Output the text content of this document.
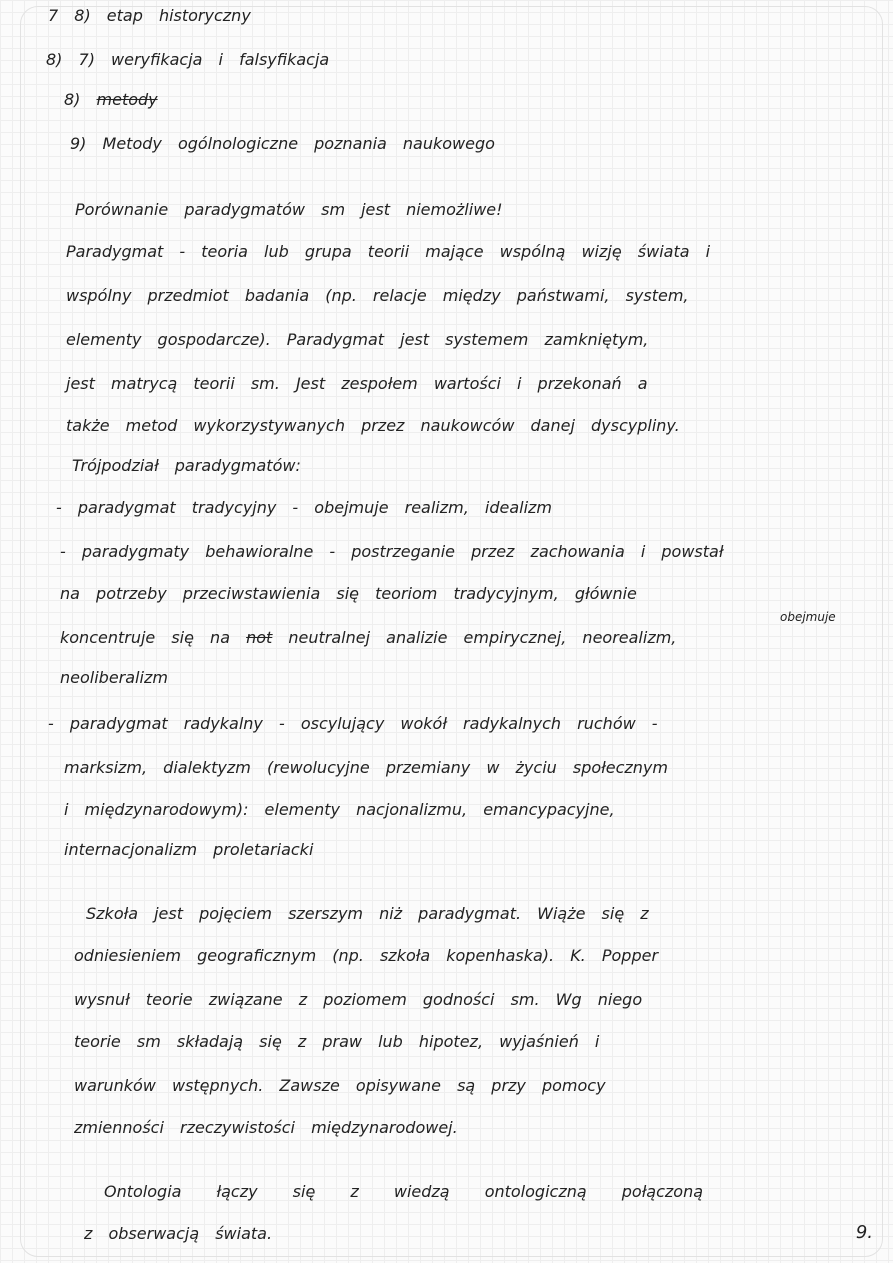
7 8) etap historyczny
8) 7) weryfikacja i falsyfikacja
8) metody
9) Metody ogólnologiczne poznania naukowego
Porównanie paradygmatów sm jest niemożliwe!
Paradygmat - teoria lub grupa teorii mające wspólną wizję świata i
wspólny przedmiot badania (np. relacje między państwami, system,
elementy gospodarcze). Paradygmat jest systemem zamkniętym,
jest matrycą teorii sm. Jest zespołem wartości i przekonań a
także metod wykorzystywanych przez naukowców danej dyscypliny.
Trójpodział paradygmatów:
- paradygmat tradycyjny - obejmuje realizm, idealizm
- paradygmaty behawioralne - postrzeganie przez zachowania i powstał
na potrzeby przeciwstawienia się teoriom tradycyjnym, głównie
koncentruje się na not neutralnej analizie empirycznej, neorealizm,
obejmuje
neoliberalizm
- paradygmat radykalny - oscylujący wokół radykalnych ruchów -
marksizm, dialektyzm (rewolucyjne przemiany w życiu społecznym
i międzynarodowym): elementy nacjonalizmu, emancypacyjne,
internacjonalizm proletariacki
Szkoła jest pojęciem szerszym niż paradygmat. Wiąże się z
odniesieniem geograficznym (np. szkoła kopenhaska). K. Popper
wysnuł teorie związane z poziomem godności sm. Wg niego
teorie sm składają się z praw lub hipotez, wyjaśnień i
warunków wstępnych. Zawsze opisywane są przy pomocy
zmienności rzeczywistości międzynarodowej.
Ontologia łączy się z wiedzą ontologiczną połączoną
z obserwacją świata.	9.
